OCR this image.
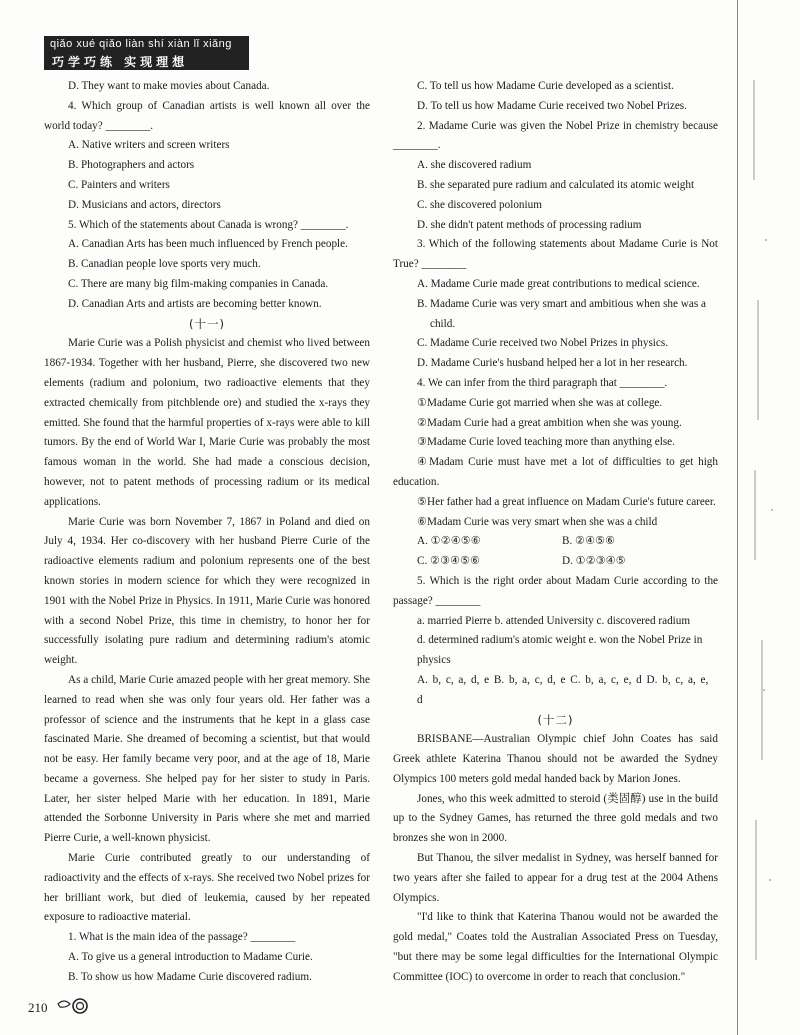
qiǎo xué qiǎo liàn shí xiàn lǐ xiǎng
巧学巧练 实现理想

D. They want to make movies about Canada.

4. Which group of Canadian artists is well known all over the world today? ________.

A. Native writers and screen writers

B. Photographers and actors

C. Painters and writers

D. Musicians and actors, directors

5. Which of the statements about Canada is wrong? ________.

A. Canadian Arts has been much influenced by French people.

B. Canadian people love sports very much.

C. There are many big film-making companies in Canada.

D. Canadian Arts and artists are becoming better known.

(十一)

Marie Curie was a Polish physicist and chemist who lived between 1867-1934. Together with her husband, Pierre, she discovered two new elements (radium and polonium, two radioactive elements that they extracted chemically from pitchblende ore) and studied the x-rays they emitted. She found that the harmful properties of x-rays were able to kill tumors. By the end of World War I, Marie Curie was probably the most famous woman in the world. She had made a conscious decision, however, not to patent methods of processing radium or its medical applications.

Marie Curie was born November 7, 1867 in Poland and died on July 4, 1934. Her co-discovery with her husband Pierre Curie of the radioactive elements radium and polonium represents one of the best known stories in modern science for which they were recognized in 1901 with the Nobel Prize in Physics. In 1911, Marie Curie was honored with a second Nobel Prize, this time in chemistry, to honor her for successfully isolating pure radium and determining radium's atomic weight.

As a child, Marie Curie amazed people with her great memory. She learned to read when she was only four years old. Her father was a professor of science and the instruments that he kept in a glass case fascinated Marie. She dreamed of becoming a scientist, but that would not be easy. Her family became very poor, and at the age of 18, Marie became a governess. She helped pay for her sister to study in Paris. Later, her sister helped Marie with her education. In 1891, Marie attended the Sorbonne University in Paris where she met and married Pierre Curie, a well-known physicist.

Marie Curie contributed greatly to our understanding of radioactivity and the effects of x-rays. She received two Nobel prizes for her brilliant work, but died of leukemia, caused by her repeated exposure to radioactive material.

1. What is the main idea of the passage? ________

A. To give us a general introduction to Madame Curie.

B. To show us how Madame Curie discovered radium.

C. To tell us how Madame Curie developed as a scientist.

D. To tell us how Madame Curie received two Nobel Prizes.

2. Madame Curie was given the Nobel Prize in chemistry because ________.

A. she discovered radium

B. she separated pure radium and calculated its atomic weight

C. she discovered polonium

D. she didn't patent methods of processing radium

3. Which of the following statements about Madame Curie is Not True? ________

A. Madame Curie made great contributions to medical science.

B. Madame Curie was very smart and ambitious when she was a child.

C. Madame Curie received two Nobel Prizes in physics.

D. Madame Curie's husband helped her a lot in her research.

4. We can infer from the third paragraph that ________.

①Madame Curie got married when she was at college.

②Madam Curie had a great ambition when she was young.

③Madame Curie loved teaching more than anything else.

④Madam Curie must have met a lot of difficulties to get high education.

⑤Her father had a great influence on Madam Curie's future career.

⑥Madam Curie was very smart when she was a child

A. ①②④⑤⑥	B. ②④⑤⑥
C. ②③④⑤⑥	D. ①②③④⑤

5. Which is the right order about Madam Curie according to the passage? ________

a. married Pierre b. attended University c. discovered radium

d. determined radium's atomic weight e. won the Nobel Prize in physics

A. b, c, a, d, e B. b, a, c, d, e C. b, a, c, e, d D. b, c, a, e, d

(十二)

BRISBANE—Australian Olympic chief John Coates has said Greek athlete Katerina Thanou should not be awarded the Sydney Olympics 100 meters gold medal handed back by Marion Jones.

Jones, who this week admitted to steroid (类固醇) use in the build up to the Sydney Games, has returned the three gold medals and two bronzes she won in 2000.

But Thanou, the silver medalist in Sydney, was herself banned for two years after she failed to appear for a drug test at the 2004 Athens Olympics.

"I'd like to think that Katerina Thanou would not be awarded the gold medal," Coates told the Australian Associated Press on Tuesday, "but there may be some legal difficulties for the International Olympic Committee (IOC) to overcome in order to reach that conclusion."

210
